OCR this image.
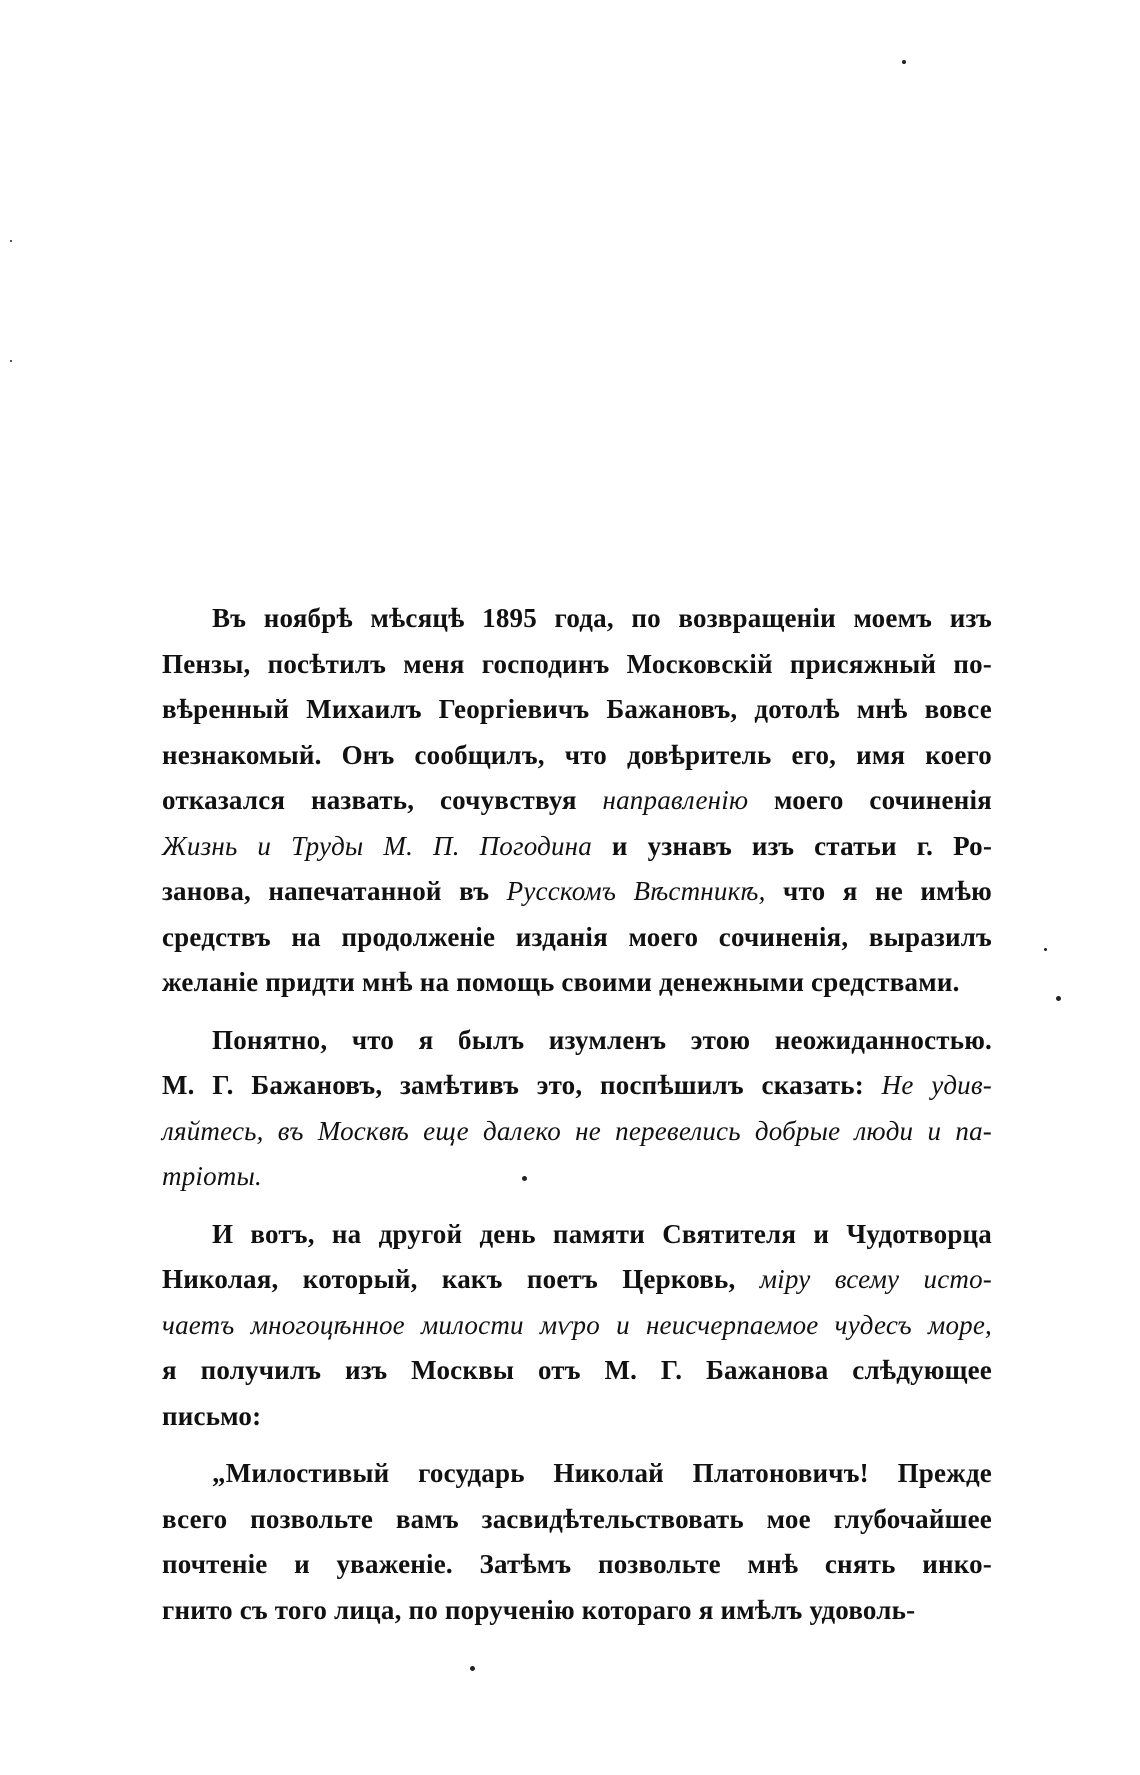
Въ ноябрѣ мѣсяцѣ 1895 года, по возвращеніи моемъ изъ
Пензы, посѣтилъ меня господинъ Московскій присяжный по-
вѣренный Михаилъ Георгіевичъ Бажановъ, дотолѣ мнѣ вовсе
незнакомый. Онъ сообщилъ, что довѣритель его, имя коего
отказался назвать, сочувствуя направленію моего сочиненія
Жизнь и Труды М. П. Погодина и узнавъ изъ статьи г. Ро-
занова, напечатанной въ Русскомъ Вѣстникѣ, что я не имѣю
средствъ на продолженіе изданія моего сочиненія, выразилъ
желаніе придти мнѣ на помощь своими денежными средствами.
Понятно, что я былъ изумленъ этою неожиданностью.
М. Г. Бажановъ, замѣтивъ это, поспѣшилъ сказать: Не удив-
ляйтесь, въ Москвѣ еще далеко не перевелись добрые люди и па-
тріоты.
И вотъ, на другой день памяти Святителя и Чудотворца
Николая, который, какъ поетъ Церковь, міру всему исто-
чаетъ многоцѣнное милости мѵро и неисчерпаемое чудесъ море,
я получилъ изъ Москвы отъ М. Г. Бажанова слѣдующее
письмо:
„Милостивый государь Николай Платоновичъ! Прежде
всего позвольте вамъ засвидѣтельствовать мое глубочайшее
почтеніе и уваженіе. Затѣмъ позвольте мнѣ снять инко-
гнито съ того лица, по порученію котораго я имѣлъ удоволь-
